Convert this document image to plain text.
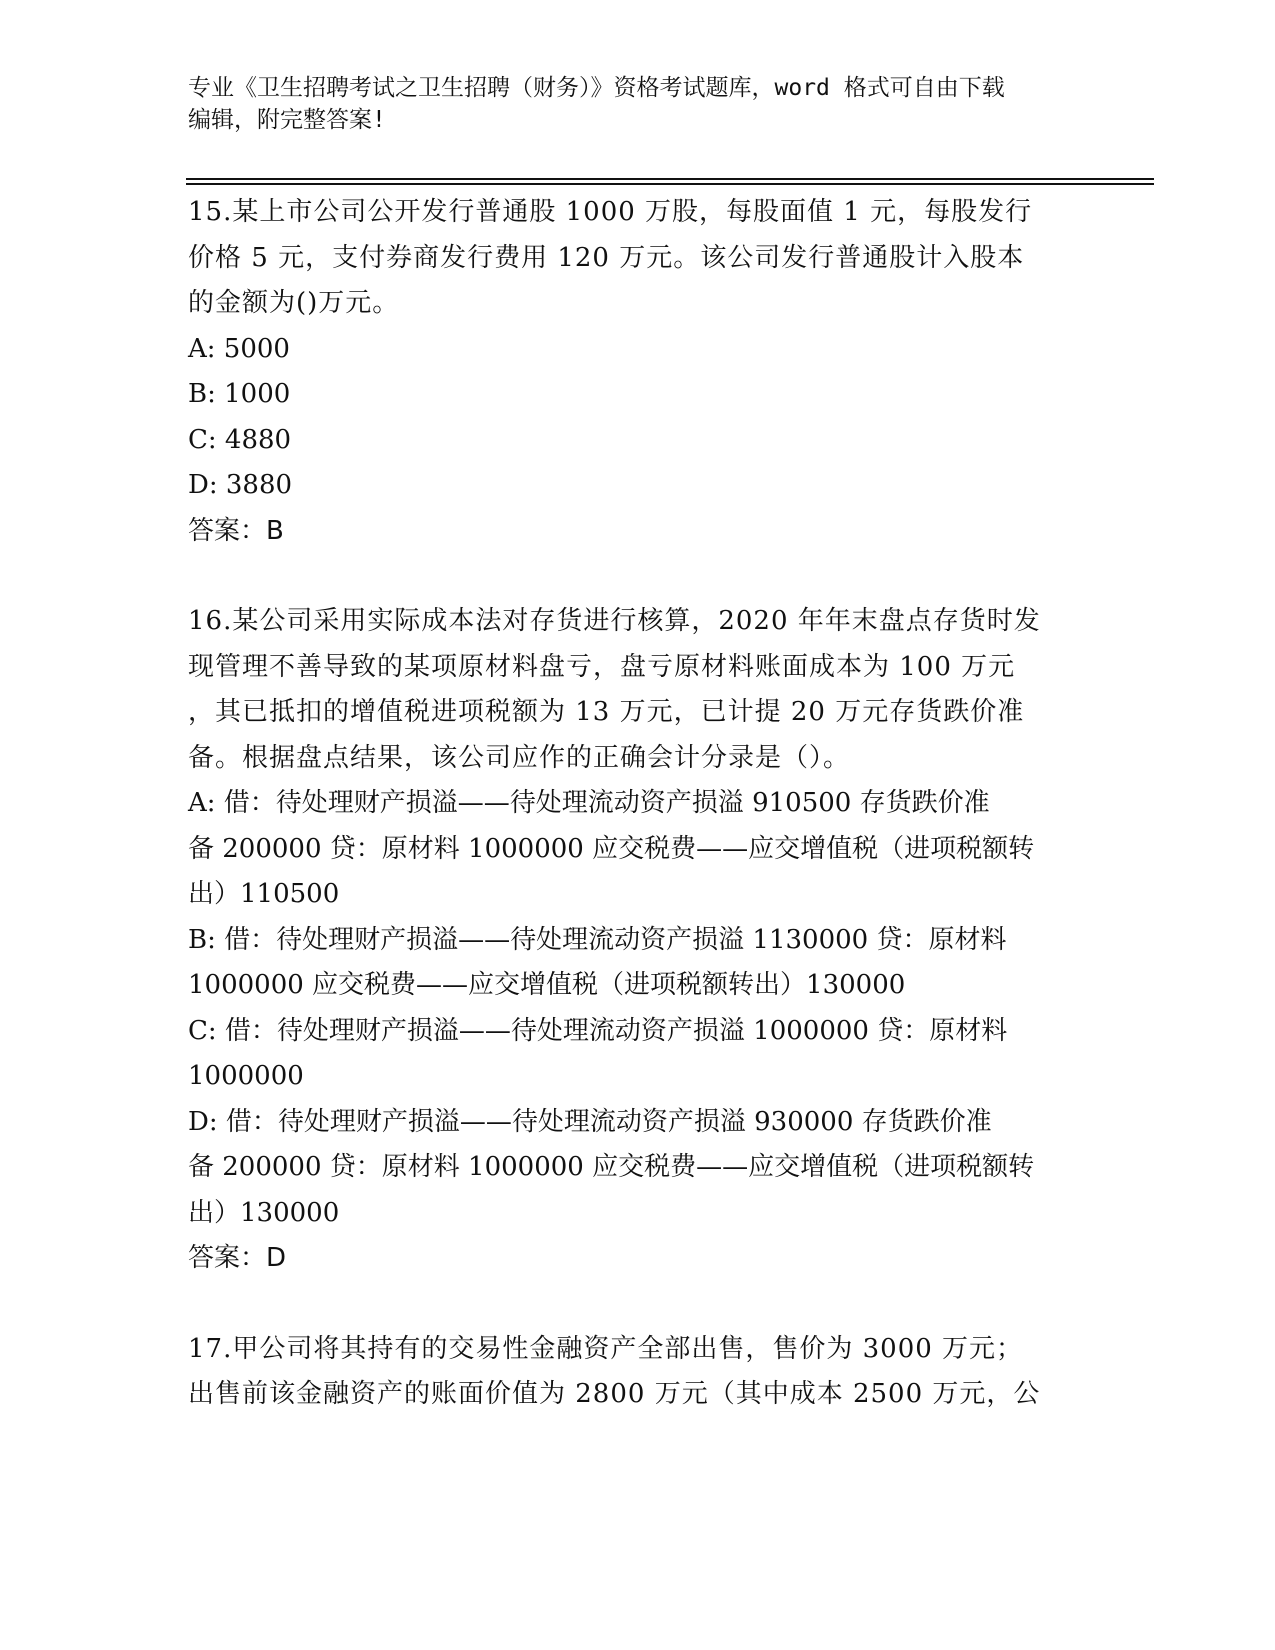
专业《卫生招聘考试之卫生招聘（财务）》资格考试题库，word 格式可自由下载

编辑，附完整答案!

15.某上市公司公开发行普通股 1000 万股，每股面值 1 元，每股发行

价格 5 元，支付券商发行费用 120 万元。该公司发行普通股计入股本

的金额为()万元。

A: 5000

B: 1000

C: 4880

D: 3880

答案：B

16.某公司采用实际成本法对存货进行核算，2020 年年末盘点存货时发

现管理不善导致的某项原材料盘亏，盘亏原材料账面成本为 100 万元

，其已抵扣的增值税进项税额为 13 万元，已计提 20 万元存货跌价准

备。根据盘点结果，该公司应作的正确会计分录是（）。

A: 借：待处理财产损溢——待处理流动资产损溢 910500 存货跌价准

备 200000 贷：原材料 1000000 应交税费——应交增值税（进项税额转

出）110500

B: 借：待处理财产损溢——待处理流动资产损溢 1130000 贷：原材料

1000000 应交税费——应交增值税（进项税额转出）130000

C: 借：待处理财产损溢——待处理流动资产损溢 1000000 贷：原材料

1000000

D: 借：待处理财产损溢——待处理流动资产损溢 930000 存货跌价准

备 200000 贷：原材料 1000000 应交税费——应交增值税（进项税额转

出）130000

答案：D

17.甲公司将其持有的交易性金融资产全部出售，售价为 3000 万元；

出售前该金融资产的账面价值为 2800 万元（其中成本 2500 万元，公
